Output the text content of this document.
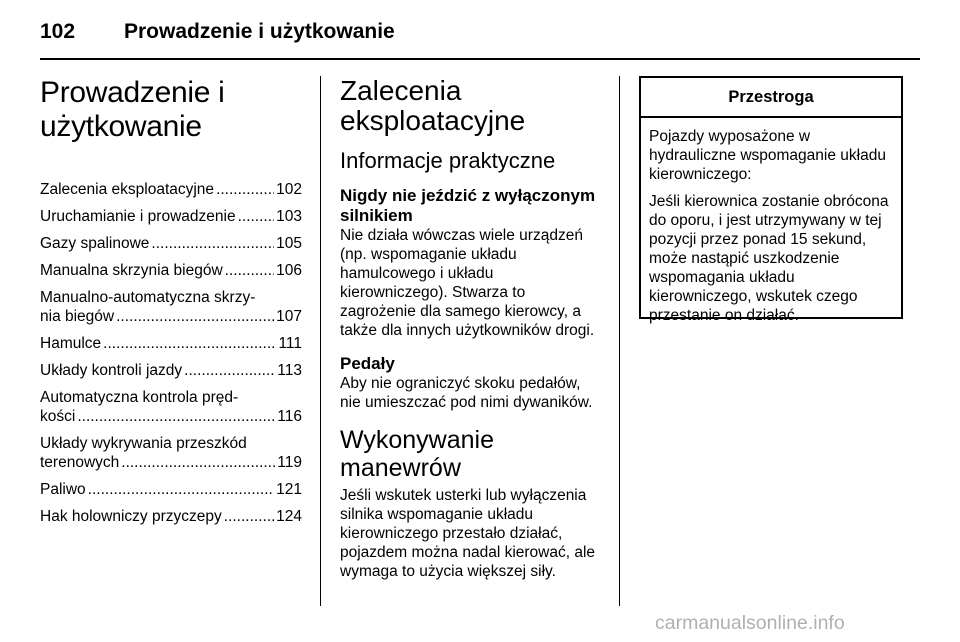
102 Prowadzenie i użytkowanie
Prowadzenie i
użytkowanie
Zalecenia eksploatacyjne .....	102
Uruchamianie i prowadzenie .....	103
Gazy spalinowe .....	105
Manualna skrzynia biegów .....	106
Manualno-automatyczna skrzy-
nia biegów .....	107
Hamulce .....	111
Układy kontroli jazdy .....	113
Automatyczna kontrola pręd-
kości .....	116
Układy wykrywania przeszkód
terenowych .....	119
Paliwo .....	121
Hak holowniczy przyczepy .....	124
Zalecenia
eksploatacyjne
Informacje praktyczne
Nigdy nie jeździć z wyłączonym silnikiem

Nie działa wówczas wiele urządzeń (np. wspomaganie układu hamulcowego i układu kierowniczego). Stwarza to zagrożenie dla samego kierowcy, a także dla innych użytkowników drogi.

Pedały

Aby nie ograniczyć skoku pedałów, nie umieszczać pod nimi dywaników.

Wykonywanie manewrów

Jeśli wskutek usterki lub wyłączenia silnika wspomaganie układu kierowniczego przestało działać, pojazdem można nadal kierować, ale wymaga to użycia większej siły.

Przestroga

Pojazdy wyposażone w hydrauliczne wspomaganie układu kierowniczego:

Jeśli kierownica zostanie obrócona do oporu, i jest utrzymywany w tej pozycji przez ponad 15 sekund, może nastąpić uszkodzenie wspomagania układu kierowniczego, wskutek czego przestanie on działać.

carmanualsonline.info
